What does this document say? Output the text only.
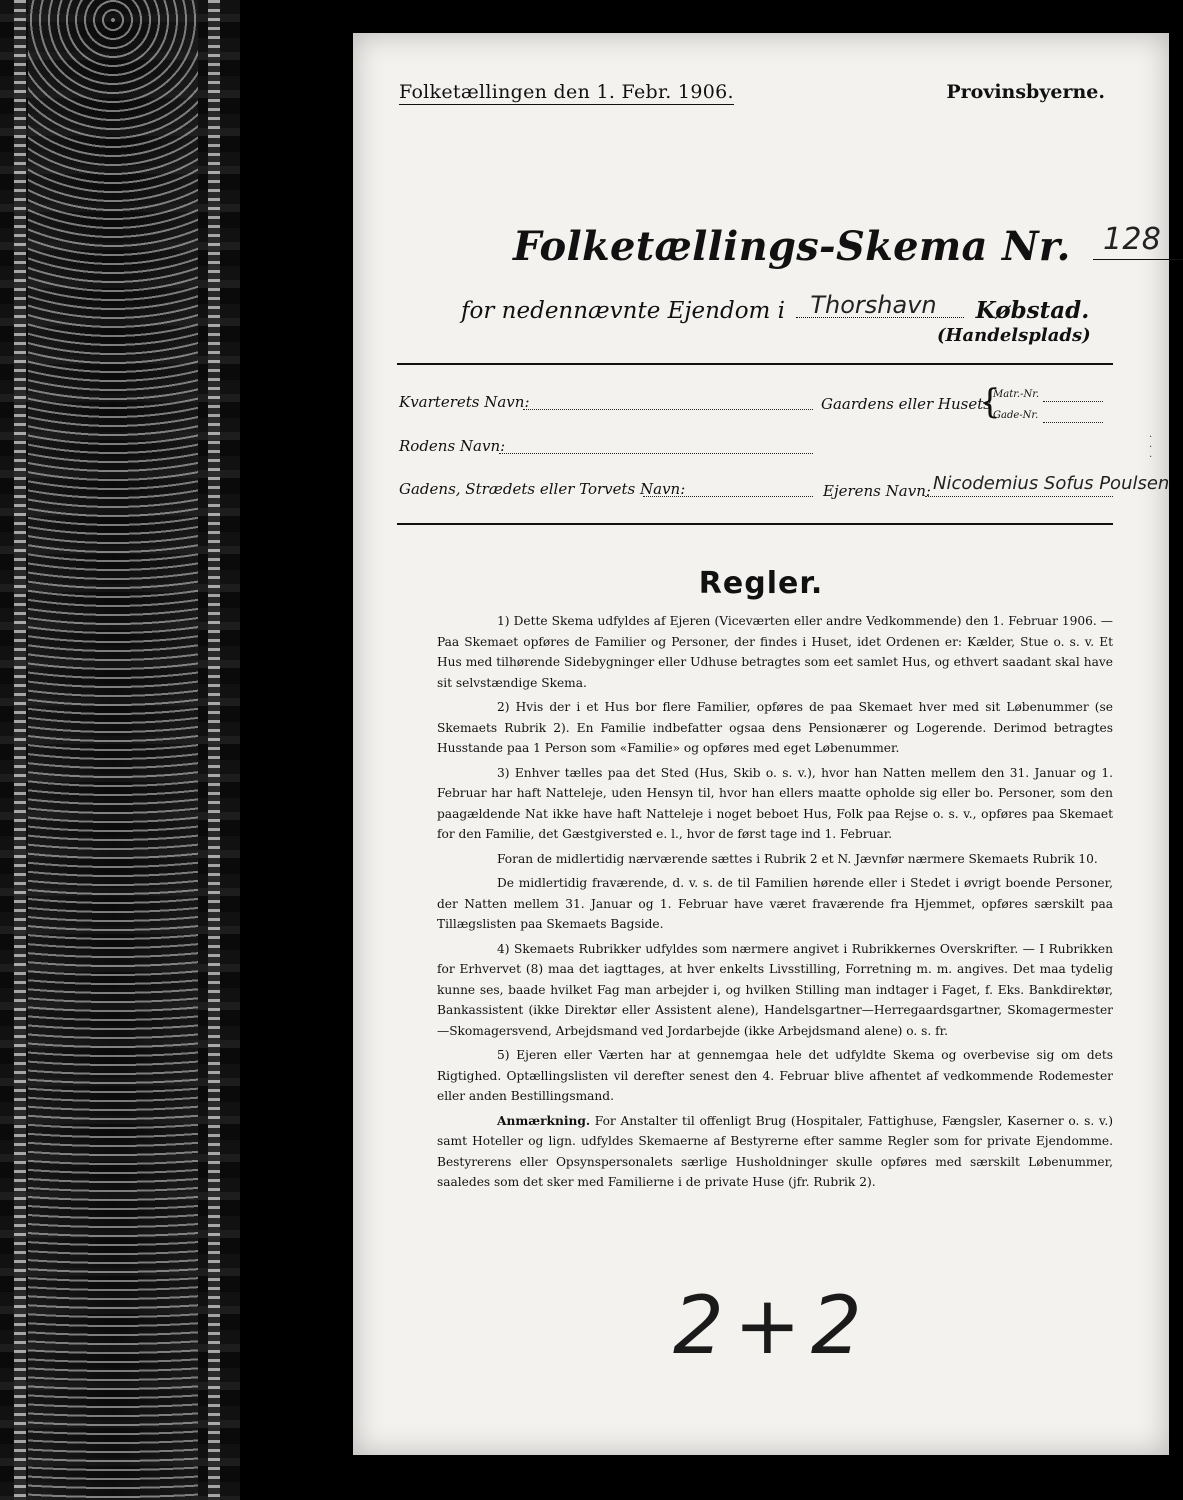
Folketællingen den 1. Febr. 1906.	Provinsbyerne.
Folketællings-Skema Nr. 128
for nedennævnte Ejendom i Thorshavn Købstad.
(Handelsplads)
Kvarterets Navn:	Gaardens eller Husets
{
Matr.-Nr.
Gade-Nr.
Rodens Navn:
Gadens, Strædets eller Torvets Navn:	Ejerens Navn: Nicodemius Sofus Poulsen
Regler.

1) Dette Skema udfyldes af Ejeren (Viceværten eller andre Vedkommende) den 1. Februar 1906. — Paa Skemaet opføres de Familier og Personer, der findes i Huset, idet Ordenen er: Kælder, Stue o. s. v. Et Hus med tilhørende Sidebygninger eller Udhuse betragtes som eet samlet Hus, og ethvert saadant skal have sit selvstændige Skema.

2) Hvis der i et Hus bor flere Familier, opføres de paa Skemaet hver med sit Løbenummer (se Skemaets Rubrik 2). En Familie indbefatter ogsaa dens Pensionærer og Logerende. Derimod betragtes Husstande paa 1 Person som «Familie» og opføres med eget Løbenummer.

3) Enhver tælles paa det Sted (Hus, Skib o. s. v.), hvor han Natten mellem den 31. Januar og 1. Februar har haft Natteleje, uden Hensyn til, hvor han ellers maatte opholde sig eller bo. Personer, som den paagældende Nat ikke have haft Natteleje i noget beboet Hus, Folk paa Rejse o. s. v., opføres paa Skemaet for den Familie, det Gæstgiversted e. l., hvor de først tage ind 1. Februar.

Foran de midlertidig nærværende sættes i Rubrik 2 et N. Jævnfør nærmere Skemaets Rubrik 10.

De midlertidig fraværende, d. v. s. de til Familien hørende eller i Stedet i øvrigt boende Personer, der Natten mellem 31. Januar og 1. Februar have været fraværende fra Hjemmet, opføres særskilt paa Tillægslisten paa Skemaets Bagside.

4) Skemaets Rubrikker udfyldes som nærmere angivet i Rubrikkernes Overskrifter. — I Rubrikken for Erhvervet (8) maa det iagttages, at hver enkelts Livsstilling, Forretning m. m. angives. Det maa tydelig kunne ses, baade hvilket Fag man arbejder i, og hvilken Stilling man indtager i Faget, f. Eks. Bankdirektør, Bankassistent (ikke Direktør eller Assistent alene), Handelsgartner—Herregaardsgartner, Skomagermester—Skomagersvend, Arbejdsmand ved Jordarbejde (ikke Arbejdsmand alene) o. s. fr.

5) Ejeren eller Værten har at gennemgaa hele det udfyldte Skema og overbevise sig om dets Rigtighed. Optællingslisten vil derefter senest den 4. Februar blive afhentet af vedkommende Rodemester eller anden Bestillingsmand.

Anmærkning. For Anstalter til offenligt Brug (Hospitaler, Fattighuse, Fængsler, Kaserner o. s. v.) samt Hoteller og lign. udfyldes Skemaerne af Bestyrerne efter samme Regler som for private Ejendomme. Bestyrerens eller Opsynspersonalets særlige Husholdninger skulle opføres med særskilt Løbenummer, saaledes som det sker med Familierne i de private Huse (jfr. Rubrik 2).

2+2
·
·
·
